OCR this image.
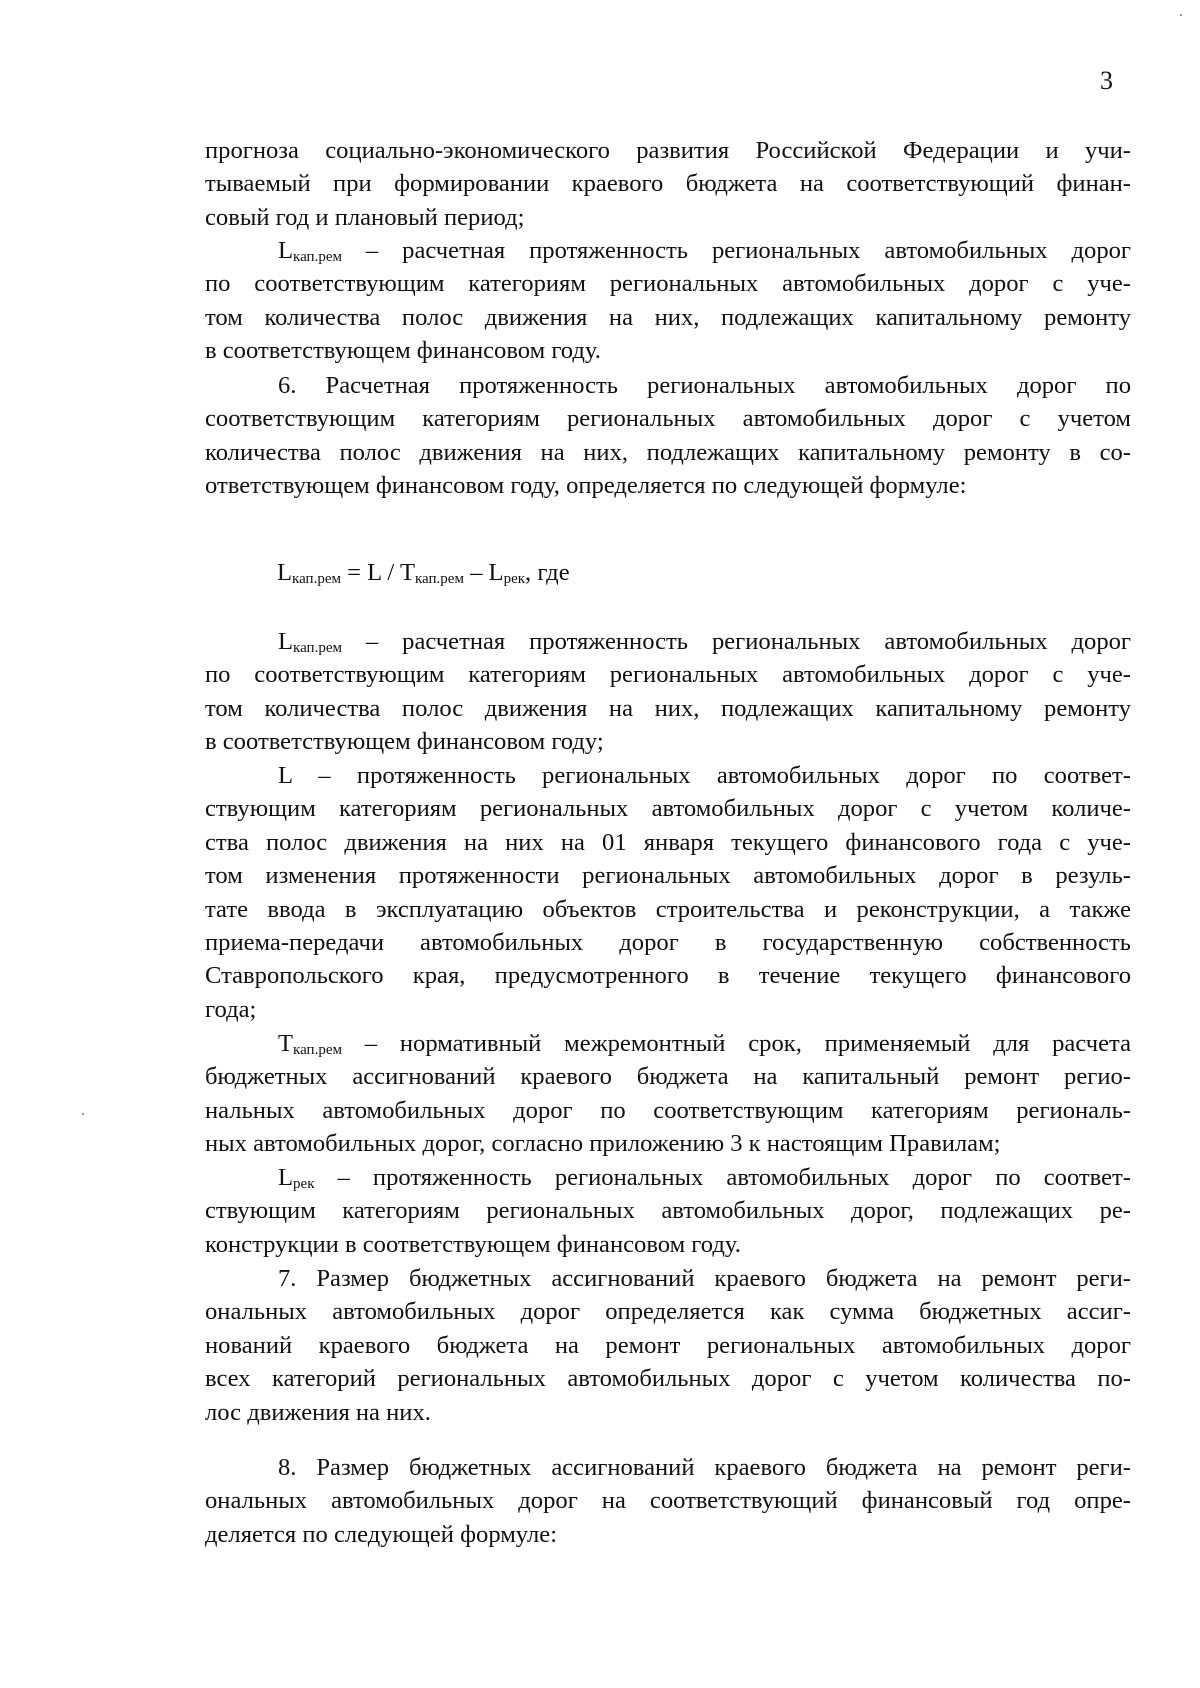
3
прогноза социально-экономического развития Российской Федерации и учи-
тываемый при формировании краевого бюджета на соответствующий финан-
совый год и плановый период;
$L_{кап.рем}$ – расчетная протяженность региональных автомобильных дорог
по соответствующим категориям региональных автомобильных дорог с уче-
том количества полос движения на них, подлежащих капитальному ремонту
в соответствующем финансовом году.
6. Расчетная протяженность региональных автомобильных дорог по
соответствующим категориям региональных автомобильных дорог с учетом
количества полос движения на них, подлежащих капитальному ремонту в со-
ответствующем финансовом году, определяется по следующей формуле:
$L_{кап.рем} = L / T_{кап.рем} - L_{рек}$, где
$L_{кап.рем}$ – расчетная протяженность региональных автомобильных дорог
по соответствующим категориям региональных автомобильных дорог с уче-
том количества полос движения на них, подлежащих капитальному ремонту
в соответствующем финансовом году;
L – протяженность региональных автомобильных дорог по соответ-
ствующим категориям региональных автомобильных дорог с учетом количе-
ства полос движения на них на 01 января текущего финансового года с уче-
том изменения протяженности региональных автомобильных дорог в резуль-
тате ввода в эксплуатацию объектов строительства и реконструкции, а также
приема-передачи автомобильных дорог в государственную собственность
Ставропольского края, предусмотренного в течение текущего финансового
года;
$T_{кап.рем}$ – нормативный межремонтный срок, применяемый для расчета
бюджетных ассигнований краевого бюджета на капитальный ремонт регио-
нальных автомобильных дорог по соответствующим категориям региональ-
ных автомобильных дорог, согласно приложению 3 к настоящим Правилам;
$L_{рек}$ – протяженность региональных автомобильных дорог по соответ-
ствующим категориям региональных автомобильных дорог, подлежащих ре-
конструкции в соответствующем финансовом году.
7. Размер бюджетных ассигнований краевого бюджета на ремонт реги-
ональных автомобильных дорог определяется как сумма бюджетных ассиг-
нований краевого бюджета на ремонт региональных автомобильных дорог
всех категорий региональных автомобильных дорог с учетом количества по-
лос движения на них.
8. Размер бюджетных ассигнований краевого бюджета на ремонт реги-
ональных автомобильных дорог на соответствующий финансовый год опре-
деляется по следующей формуле:
